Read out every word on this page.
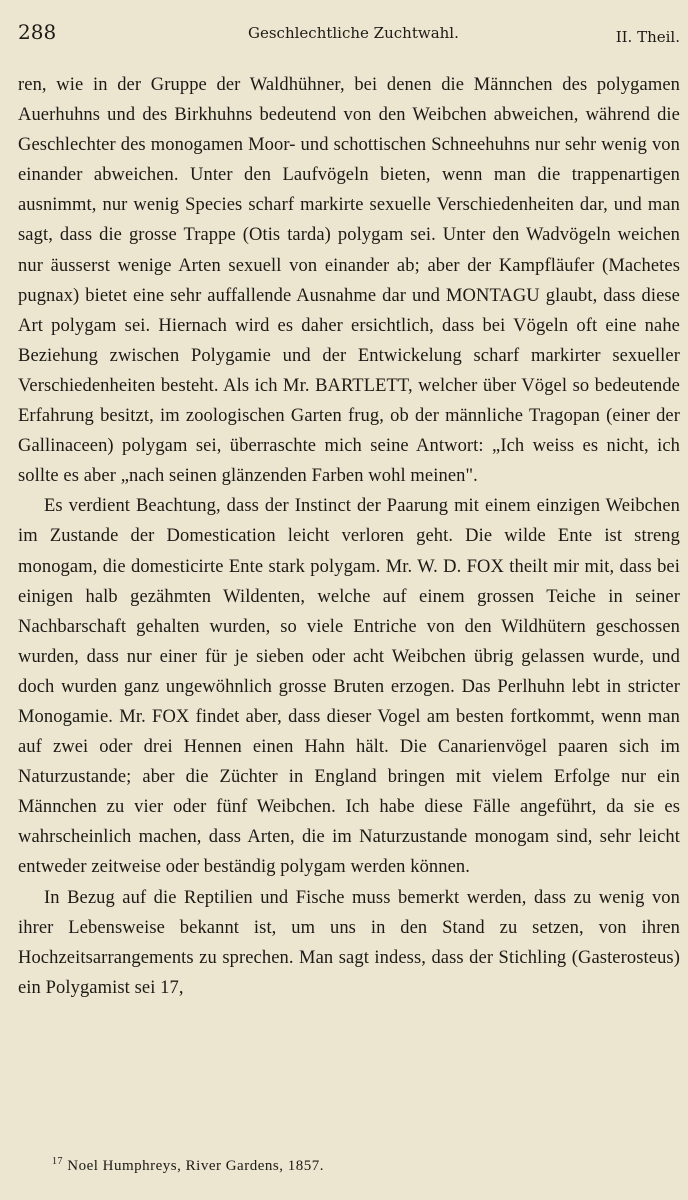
288	Geschlechtliche Zuchtwahl.	II. Theil.

ren, wie in der Gruppe der Waldhühner, bei denen die Männchen des polygamen Auerhuhns und des Birkhuhns bedeutend von den Weibchen abweichen, während die Geschlechter des monogamen Moor- und schottischen Schneehuhns nur sehr wenig von einander abweichen. Unter den Laufvögeln bieten, wenn man die trappenartigen ausnimmt, nur wenig Species scharf markirte sexuelle Verschiedenheiten dar, und man sagt, dass die grosse Trappe (Otis tarda) polygam sei. Unter den Wadvögeln weichen nur äusserst wenige Arten sexuell von einander ab; aber der Kampfläufer (Machetes pugnax) bietet eine sehr auffallende Ausnahme dar und MONTAGU glaubt, dass diese Art polygam sei. Hiernach wird es daher ersichtlich, dass bei Vögeln oft eine nahe Beziehung zwischen Polygamie und der Entwickelung scharf markirter sexueller Verschiedenheiten besteht. Als ich Mr. BARTLETT, welcher über Vögel so bedeutende Erfahrung besitzt, im zoologischen Garten frug, ob der männliche Tragopan (einer der Gallinaceen) polygam sei, überraschte mich seine Antwort: „Ich weiss es nicht, ich sollte es aber „nach seinen glänzenden Farben wohl meinen".

Es verdient Beachtung, dass der Instinct der Paarung mit einem einzigen Weibchen im Zustande der Domestication leicht verloren geht. Die wilde Ente ist streng monogam, die domesticirte Ente stark polygam. Mr. W. D. FOX theilt mir mit, dass bei einigen halb gezähmten Wildenten, welche auf einem grossen Teiche in seiner Nachbarschaft gehalten wurden, so viele Entriche von den Wildhütern geschossen wurden, dass nur einer für je sieben oder acht Weibchen übrig gelassen wurde, und doch wurden ganz ungewöhnlich grosse Bruten erzogen. Das Perlhuhn lebt in stricter Monogamie. Mr. FOX findet aber, dass dieser Vogel am besten fortkommt, wenn man auf zwei oder drei Hennen einen Hahn hält. Die Canarienvögel paaren sich im Naturzustande; aber die Züchter in England bringen mit vielem Erfolge nur ein Männchen zu vier oder fünf Weibchen. Ich habe diese Fälle angeführt, da sie es wahrscheinlich machen, dass Arten, die im Naturzustande monogam sind, sehr leicht entweder zeitweise oder beständig polygam werden können.

In Bezug auf die Reptilien und Fische muss bemerkt werden, dass zu wenig von ihrer Lebensweise bekannt ist, um uns in den Stand zu setzen, von ihren Hochzeitsarrangements zu sprechen. Man sagt indess, dass der Stichling (Gasterosteus) ein Polygamist sei 17,

$^{17}$ Noel Humphreys, River Gardens, 1857.
